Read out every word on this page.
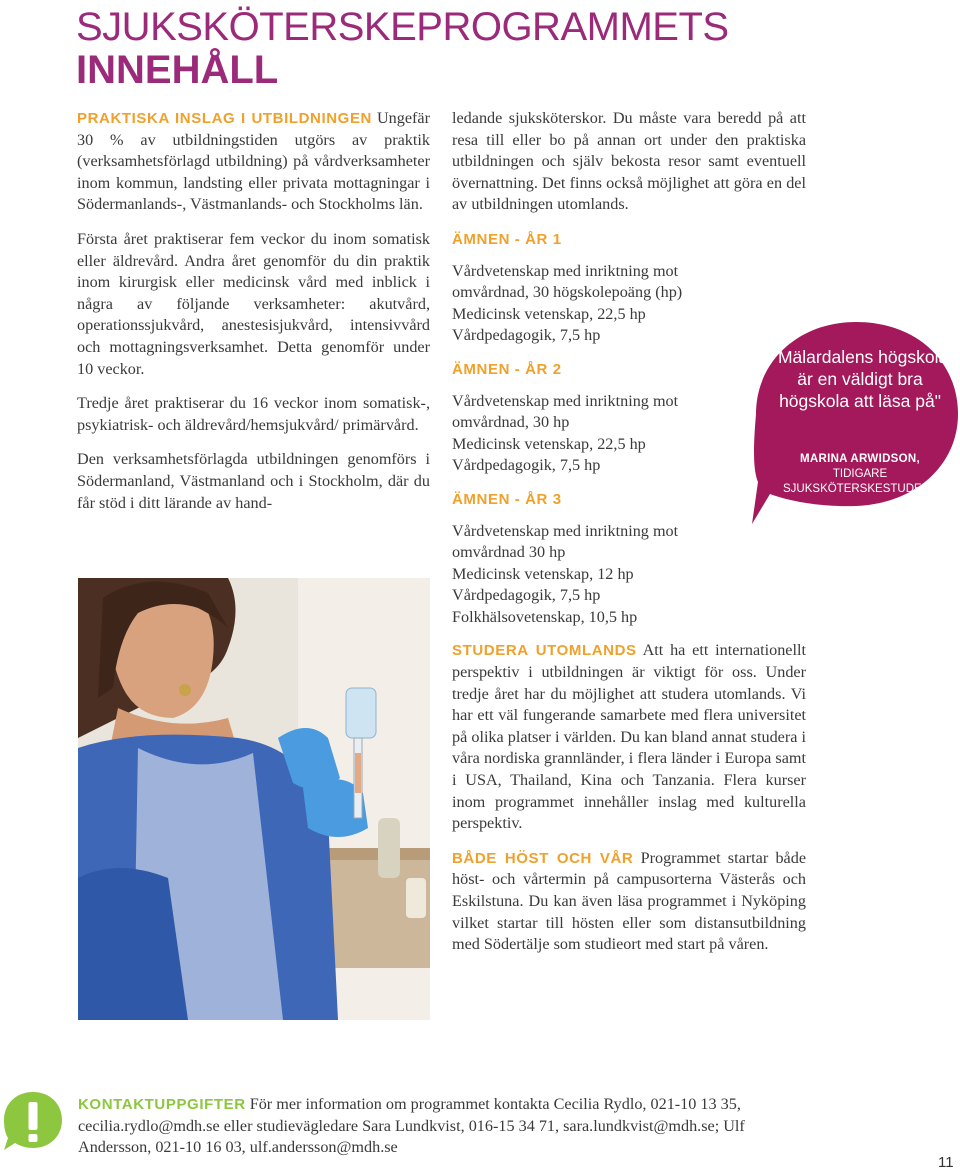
SJUKSKÖTERSKEPROGRAMMETS
INNEHÅLL

PRAKTISKA INSLAG I UTBILDNINGEN Ungefär 30 % av utbildningstiden utgörs av praktik (verksamhetsförlagd utbildning) på vårdverksamheter inom kommun, landsting eller privata mottagningar i Södermanlands-, Västmanlands- och Stockholms län.

Första året praktiserar fem veckor du inom somatisk eller äldrevård. Andra året genomför du din praktik inom kirurgisk eller medicinsk vård med inblick i några av följande verksamheter: akutvård, operationssjukvård, anestesisjukvård, intensivvård och mottagningsverksamhet. Detta genomför under 10 veckor.

Tredje året praktiserar du 16 veckor inom somatisk-, psykiatrisk- och äldrevård/hemsjukvård/ primärvård.

Den verksamhetsförlagda utbildningen genomförs i Södermanland, Västmanland och i Stockholm, där du får stöd i ditt lärande av hand-

ledande sjuksköterskor. Du måste vara beredd på att resa till eller bo på annan ort under den praktiska utbildningen och själv bekosta resor samt eventuell övernattning. Det finns också möjlighet att göra en del av utbildningen utomlands.

ÄMNEN - ÅR 1
Vårdvetenskap med inriktning mot
omvårdnad, 30 högskolepoäng (hp)
Medicinsk vetenskap, 22,5 hp
Vårdpedagogik, 7,5 hp
ÄMNEN - ÅR 2
Vårdvetenskap med inriktning mot
omvårdnad, 30 hp
Medicinsk vetenskap, 22,5 hp
Vårdpedagogik, 7,5 hp
ÄMNEN - ÅR 3
Vårdvetenskap med inriktning mot
omvårdnad 30 hp
Medicinsk vetenskap, 12 hp
Vårdpedagogik, 7,5 hp
Folkhälsovetenskap, 10,5 hp

STUDERA UTOMLANDS Att ha ett internationellt perspektiv i utbildningen är viktigt för oss. Under tredje året har du möjlighet att studera utomlands. Vi har ett väl fungerande samarbete med flera universitet på olika platser i världen. Du kan bland annat studera i våra nordiska grannländer, i flera länder i Europa samt i USA, Thailand, Kina och Tanzania. Flera kurser inom programmet innehåller inslag med kulturella perspektiv.

BÅDE HÖST OCH VÅR Programmet startar både höst- och vårtermin på campusorterna Västerås och Eskilstuna. Du kan även läsa programmet i Nyköping vilket startar till hösten eller som distansutbildning med Södertälje som studieort med start på våren.

"Mälardalens högskola är en väldigt bra högskola att läsa på"
MARINA ARWIDSON,
TIDIGARE SJUKSKÖTERSKESTUDENT
KONTAKTUPPGIFTER För mer information om programmet kontakta Cecilia Rydlo, 021-10 13 35, cecilia.rydlo@mdh.se eller studievägledare Sara Lundkvist, 016-15 34 71, sara.lundkvist@mdh.se; Ulf Andersson, 021-10 16 03, ulf.andersson@mdh.se
11
